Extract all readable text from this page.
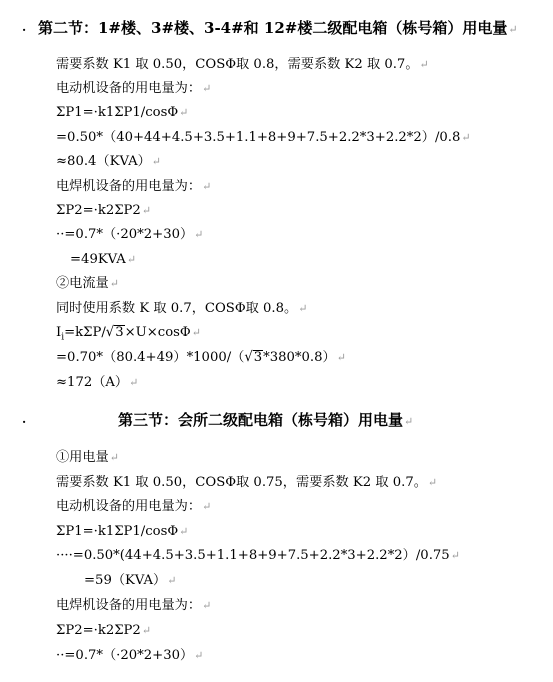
· 第二节：1#楼、3#楼、3-4#和 12#楼二级配电箱（栋号箱）用电量↵
需要系数 K1 取 0.50，COSΦ取 0.8，需要系数 K2 取 0.7。↵
电动机设备的用电量为：↵
ΣP1=·k1ΣP1/cosΦ↵
=0.50*（40+44+4.5+3.5+1.1+8+9+7.5+2.2*3+2.2*2）/0.8↵
≈80.4（KVA）↵
电焊机设备的用电量为：↵
ΣP2=·k2ΣP2↵
··=0.7*（·20*2+30）↵
=49KVA↵
②电流量↵
同时使用系数 K 取 0.7，COSΦ取 0.8。↵
$I_i=k\Sigma P/√3\times U\times\cos\Phi↵$
=0.70*（80.4+49）*1000/（√3*380*0.8）↵
≈172（A）↵
·	第三节：会所二级配电箱（栋号箱）用电量↵
①用电量↵
需要系数 K1 取 0.50，COSΦ取 0.75，需要系数 K2 取 0.7。↵
电动机设备的用电量为：↵
ΣP1=·k1ΣP1/cosΦ↵
····=0.50*(44+4.5+3.5+1.1+8+9+7.5+2.2*3+2.2*2）/0.75↵
=59（KVA）↵
电焊机设备的用电量为：↵
ΣP2=·k2ΣP2↵
··=0.7*（·20*2+30）↵
